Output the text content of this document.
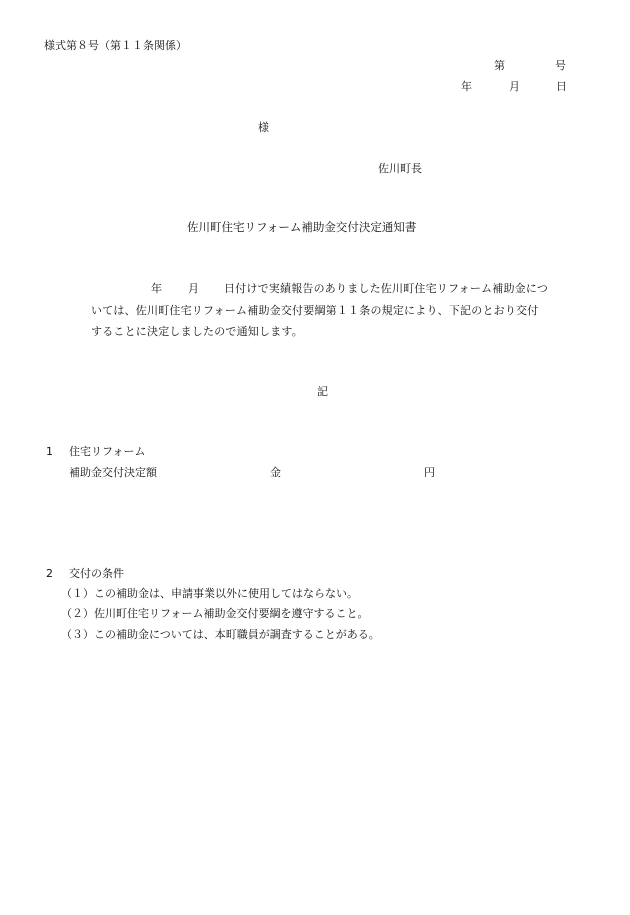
様式第８号（第１１条関係）
第	号
年	月	日
様
佐川町長
佐川町住宅リフォーム補助金交付決定通知書
年 月 日付けで実績報告のありました佐川町住宅リフォーム補助金につ
いては、佐川町住宅リフォーム補助金交付要綱第１１条の規定により、下記のとおり交付
することに決定しましたので通知します。
記
1 住宅リフォーム
補助金交付決定額	金	円
2 交付の条件
（１）この補助金は、申請事業以外に使用してはならない。
（２）佐川町住宅リフォーム補助金交付要綱を遵守すること。
（３）この補助金については、本町職員が調査することがある。
